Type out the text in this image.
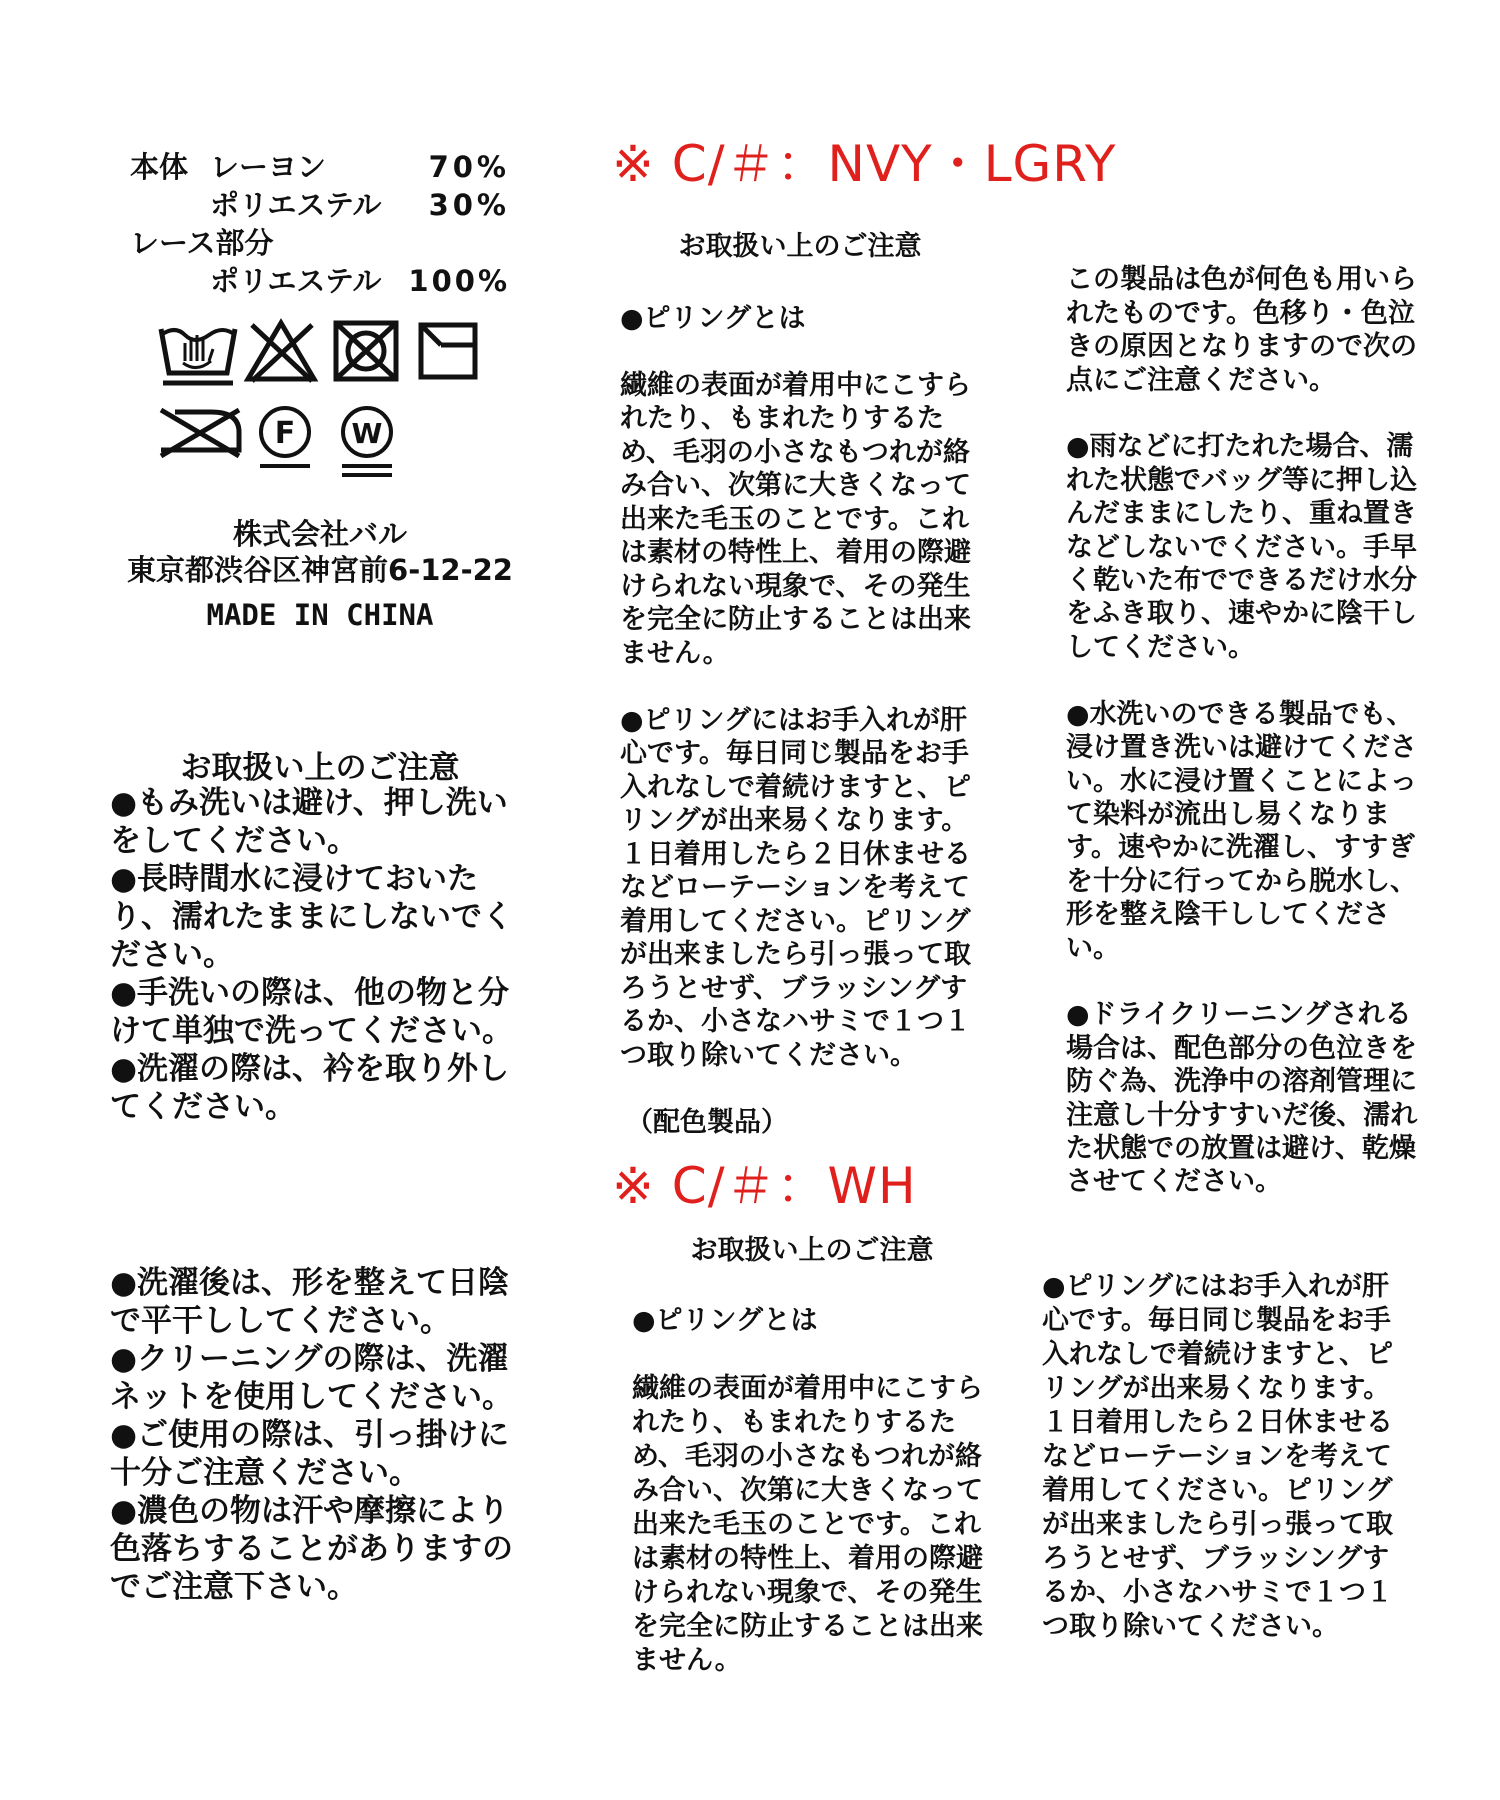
本体 レーヨン	70%
ポリエステル 30%
レース部分
ポリエステル 100%
F W
株式会社バル
東京都渋谷区神宮前6-12-22
MADE IN CHINA
お取扱い上のご注意
●もみ洗いは避け、押し洗いをしてください。
●長時間水に浸けておいたり、濡れたままにしないでください。
●手洗いの際は、他の物と分けて単独で洗ってください。
●洗濯の際は、衿を取り外してください。
●洗濯後は、形を整えて日陰で平干ししてください。
●クリーニングの際は、洗濯ネットを使用してください。
●ご使用の際は、引っ掛けに十分ご注意ください。
●濃色の物は汗や摩擦により色落ちすることがありますのでご注意下さい。
※ C/＃：NVY・LGRY
お取扱い上のご注意

●ピリングとは

繊維の表面が着用中にこすられたり、もまれたりするため、毛羽の小さなもつれが絡み合い、次第に大きくなって出来た毛玉のことです。これは素材の特性上、着用の際避けられない現象で、その発生を完全に防止することは出来ません。

●ピリングにはお手入れが肝心です。毎日同じ製品をお手入れなしで着続けますと、ピリングが出来易くなります。１日着用したら２日休ませるなどローテーションを考えて着用してください。ピリングが出来ましたら引っ張って取ろうとせず、ブラッシングするか、小さなハサミで１つ１つ取り除いてください。

（配色製品）

この製品は色が何色も用いられたものです。色移り・色泣きの原因となりますので次の点にご注意ください。

●雨などに打たれた場合、濡れた状態でバッグ等に押し込んだままにしたり、重ね置きなどしないでください。手早く乾いた布でできるだけ水分をふき取り、速やかに陰干ししてください。

●水洗いのできる製品でも、浸け置き洗いは避けてください。水に浸け置くことによって染料が流出し易くなります。速やかに洗濯し、すすぎを十分に行ってから脱水し、形を整え陰干ししてください。

●ドライクリーニングされる場合は、配色部分の色泣きを防ぐ為、洗浄中の溶剤管理に注意し十分すすいだ後、濡れた状態での放置は避け、乾燥させてください。

※ C/＃：WH
お取扱い上のご注意

●ピリングとは

繊維の表面が着用中にこすられたり、もまれたりするため、毛羽の小さなもつれが絡み合い、次第に大きくなって出来た毛玉のことです。これは素材の特性上、着用の際避けられない現象で、その発生を完全に防止することは出来ません。

●ピリングにはお手入れが肝心です。毎日同じ製品をお手入れなしで着続けますと、ピリングが出来易くなります。１日着用したら２日休ませるなどローテーションを考えて着用してください。ピリングが出来ましたら引っ張って取ろうとせず、ブラッシングするか、小さなハサミで１つ１つ取り除いてください。
